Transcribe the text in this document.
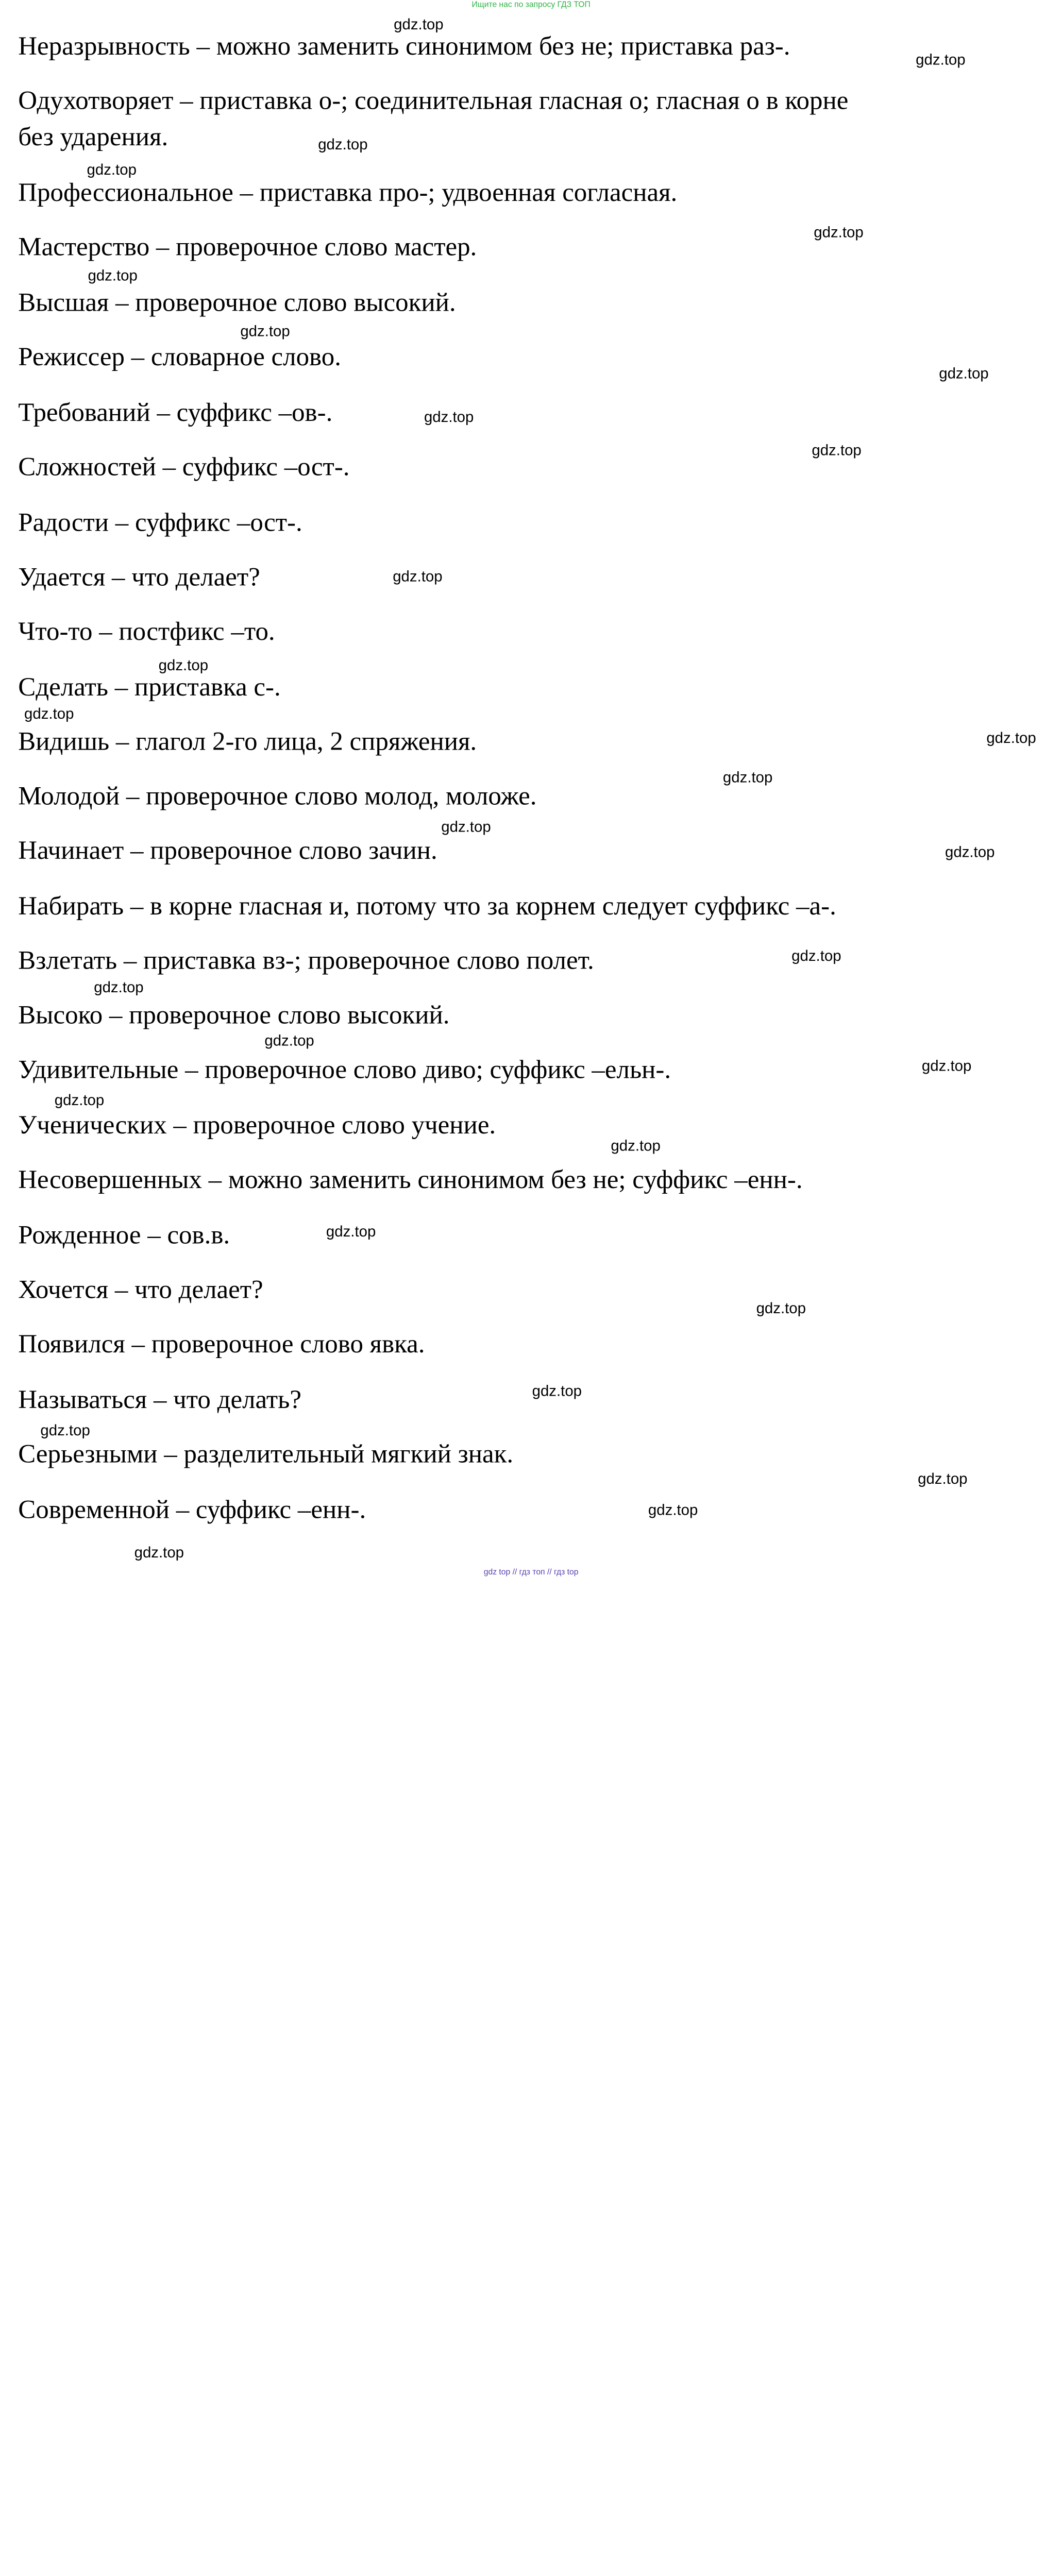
Ищите нас по запросу ГДЗ ТОП
Неразрывность – можно заменить синонимом без не; приставка раз-.
Одухотворяет – приставка о-; соединительная гласная о; гласная о в корне
без ударения.
Профессиональное – приставка про-; удвоенная согласная.
Мастерство – проверочное слово мастер.
Высшая – проверочное слово высокий.
Режиссер – словарное слово.
Требований – суффикс –ов-.
Сложностей – суффикс –ост-.
Радости – суффикс –ост-.
Удается – что делает?
Что-то – постфикс –то.
Сделать – приставка с-.
Видишь – глагол 2-го лица, 2 спряжения.
Молодой – проверочное слово молод, моложе.
Начинает – проверочное слово зачин.
Набирать – в корне гласная и, потому что за корнем следует суффикс –а-.
Взлетать – приставка вз-; проверочное слово полет.
Высоко – проверочное слово высокий.
Удивительные – проверочное слово диво; суффикс –ельн-.
Ученических – проверочное слово учение.
Несовершенных – можно заменить синонимом без не; суффикс –енн-.
Рожденное – сов.в.
Хочется – что делает?
Появился – проверочное слово явка.
Называться – что делать?
Серьезными – разделительный мягкий знак.
Современной – суффикс –енн-.
gdz.top
gdz.top
gdz.top
gdz.top
gdz.top
gdz.top
gdz.top
gdz.top
gdz.top
gdz.top
gdz.top
gdz.top
gdz.top
gdz.top
gdz.top
gdz.top
gdz.top
gdz.top
gdz.top
gdz.top
gdz.top
gdz.top
gdz.top
gdz.top
gdz.top
gdz.top
gdz.top
gdz.top
gdz.top
gdz.top
gdz top // гдз топ // гдз top
